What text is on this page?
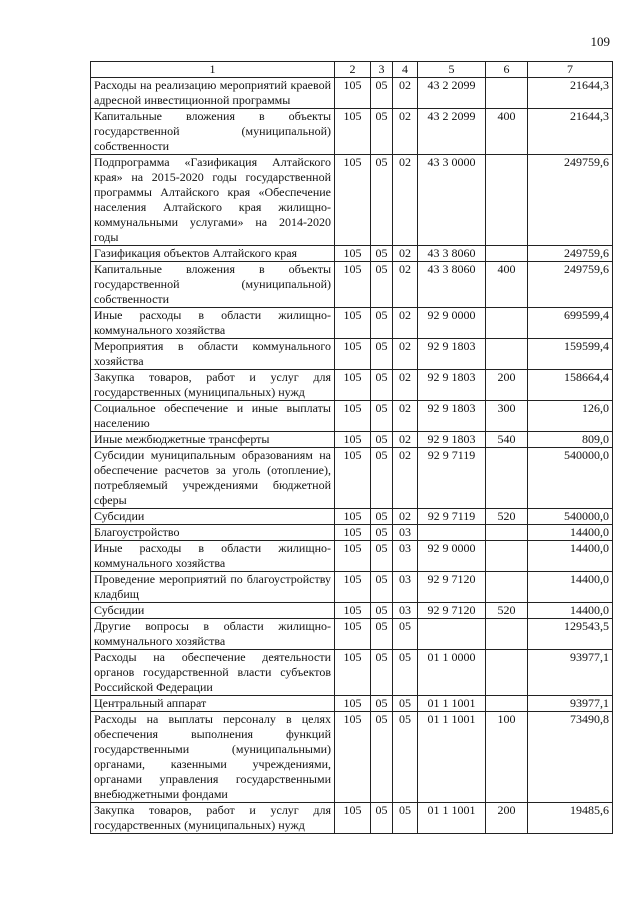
109
1	2	3	4	5	6	7
Расходы на реализацию мероприятий краевой адресной инвестиционной программы	105	05	02	43 2 2099		21644,3
Капитальные вложения в объекты государственной (муниципальной) собственности	105	05	02	43 2 2099	400	21644,3
Подпрограмма «Газификация Алтайского края» на 2015-2020 годы государственной программы Алтайского края «Обеспечение населения Алтайского края жилищно-коммунальными услугами» на 2014-2020 годы	105	05	02	43 3 0000		249759,6
Газификация объектов Алтайского края	105	05	02	43 3 8060		249759,6
Капитальные вложения в объекты государственной (муниципальной) собственности	105	05	02	43 3 8060	400	249759,6
Иные расходы в области жилищно-коммунального хозяйства	105	05	02	92 9 0000		699599,4
Мероприятия в области коммунального хозяйства	105	05	02	92 9 1803		159599,4
Закупка товаров, работ и услуг для государственных (муниципальных) нужд	105	05	02	92 9 1803	200	158664,4
Социальное обеспечение и иные выплаты населению	105	05	02	92 9 1803	300	126,0
Иные межбюджетные трансферты	105	05	02	92 9 1803	540	809,0
Субсидии муниципальным образованиям на обеспечение расчетов за уголь (отопление), потребляемый учреждениями бюджетной сферы	105	05	02	92 9 7119		540000,0
Субсидии	105	05	02	92 9 7119	520	540000,0
Благоустройство	105	05	03			14400,0
Иные расходы в области жилищно-коммунального хозяйства	105	05	03	92 9 0000		14400,0
Проведение мероприятий по благоустройству кладбищ	105	05	03	92 9 7120		14400,0
Субсидии	105	05	03	92 9 7120	520	14400,0
Другие вопросы в области жилищно-коммунального хозяйства	105	05	05			129543,5
Расходы на обеспечение деятельности органов государственной власти субъектов Российской Федерации	105	05	05	01 1 0000		93977,1
Центральный аппарат	105	05	05	01 1 1001		93977,1
Расходы на выплаты персоналу в целях обеспечения выполнения функций государственными (муниципальными) органами, казенными учреждениями, органами управления государственными внебюджетными фондами	105	05	05	01 1 1001	100	73490,8
Закупка товаров, работ и услуг для государственных (муниципальных) нужд	105	05	05	01 1 1001	200	19485,6
